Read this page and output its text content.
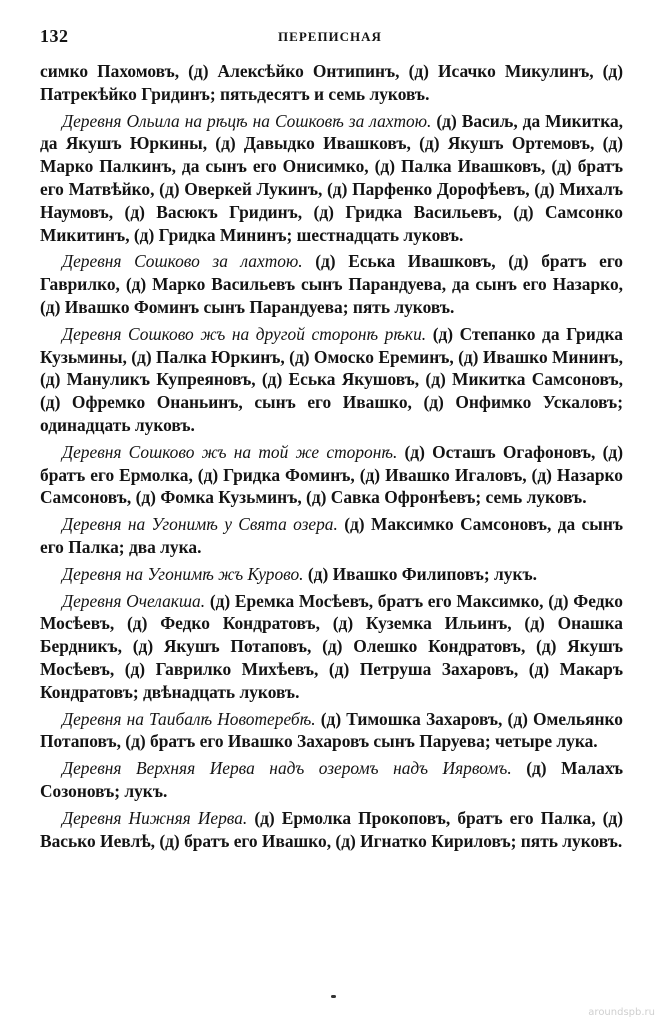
132	ПЕРЕПИСНАЯ

симко Пахомовъ, (д) Алексѣйко Онтипинъ, (д) Исачко Микулинъ, (д) Патрекѣйко Гридинъ; пятьдесятъ и семь луковъ.

Деревня Ольила на рѣцѣ на Сошковѣ за лахтою. (д) Васиљ, да Микитка, да Якушъ Юркины, (д) Давыдко Ивашковъ, (д) Якушъ Ортемовъ, (д) Марко Палкинъ, да сынъ его Онисимко, (д) Палка Ивашковъ, (д) братъ его Матвѣйко, (д) Оверкей Лукинъ, (д) Парфенко Дорофѣевъ, (д) Михалъ Наумовъ, (д) Васюкъ Гридинъ, (д) Гридка Васильевъ, (д) Самсонко Микитинъ, (д) Гридка Мининъ; шестнадцать луковъ.

Деревня Сошково за лахтою. (д) Еська Ивашковъ, (д) братъ его Гаврилко, (д) Марко Васильевъ сынъ Парандуева, да сынъ его Назарко, (д) Ивашко Фоминъ сынъ Парандуева; пять луковъ.

Деревня Сошково жъ на другой сторонѣ рѣки. (д) Степанко да Гридка Кузьмины, (д) Палка Юркинъ, (д) Омоско Ереминъ, (д) Ивашко Мининъ, (д) Мануликъ Купреяновъ, (д) Еська Якушовъ, (д) Микитка Самсоновъ, (д) Офремко Онаньинъ, сынъ его Ивашко, (д) Онфимко Ускаловъ; одинадцать луковъ.

Деревня Сошково жъ на той же сторонѣ. (д) Осташъ Огафоновъ, (д) братъ его Ермолка, (д) Гридка Фоминъ, (д) Ивашко Игаловъ, (д) Назарко Самсоновъ, (д) Фомка Кузьминъ, (д) Савка Офронѣевъ; семь луковъ.

Деревня на Угонимѣ у Свята озера. (д) Максимко Самсоновъ, да сынъ его Палка; два лука.

Деревня на Угонимѣ жъ Курово. (д) Ивашко Филиповъ; лукъ.

Деревня Очелакша. (д) Еремка Мосѣевъ, братъ его Максимко, (д) Федко Мосѣевъ, (д) Федко Кондратовъ, (д) Куземка Ильинъ, (д) Онашка Бердникъ, (д) Якушъ Потаповъ, (д) Олешко Кондратовъ, (д) Якушъ Мосѣевъ, (д) Гаврилко Михѣевъ, (д) Петруша Захаровъ, (д) Макаръ Кондратовъ; двѣнадцать луковъ.

Деревня на Таибалѣ Новотеребѣ. (д) Тимошка Захаровъ, (д) Омельянко Потаповъ, (д) братъ его Ивашко Захаровъ сынъ Паруева; четыре лука.

Деревня Верхняя Иерва надъ озеромъ надъ Иярвомъ. (д) Малахъ Созоновъ; лукъ.

Деревня Нижняя Иерва. (д) Ермолка Прокоповъ, братъ его Палка, (д) Васько Иевлѣ, (д) братъ его Ивашко, (д) Игнатко Кириловъ; пять луковъ.

aroundspb.ru
